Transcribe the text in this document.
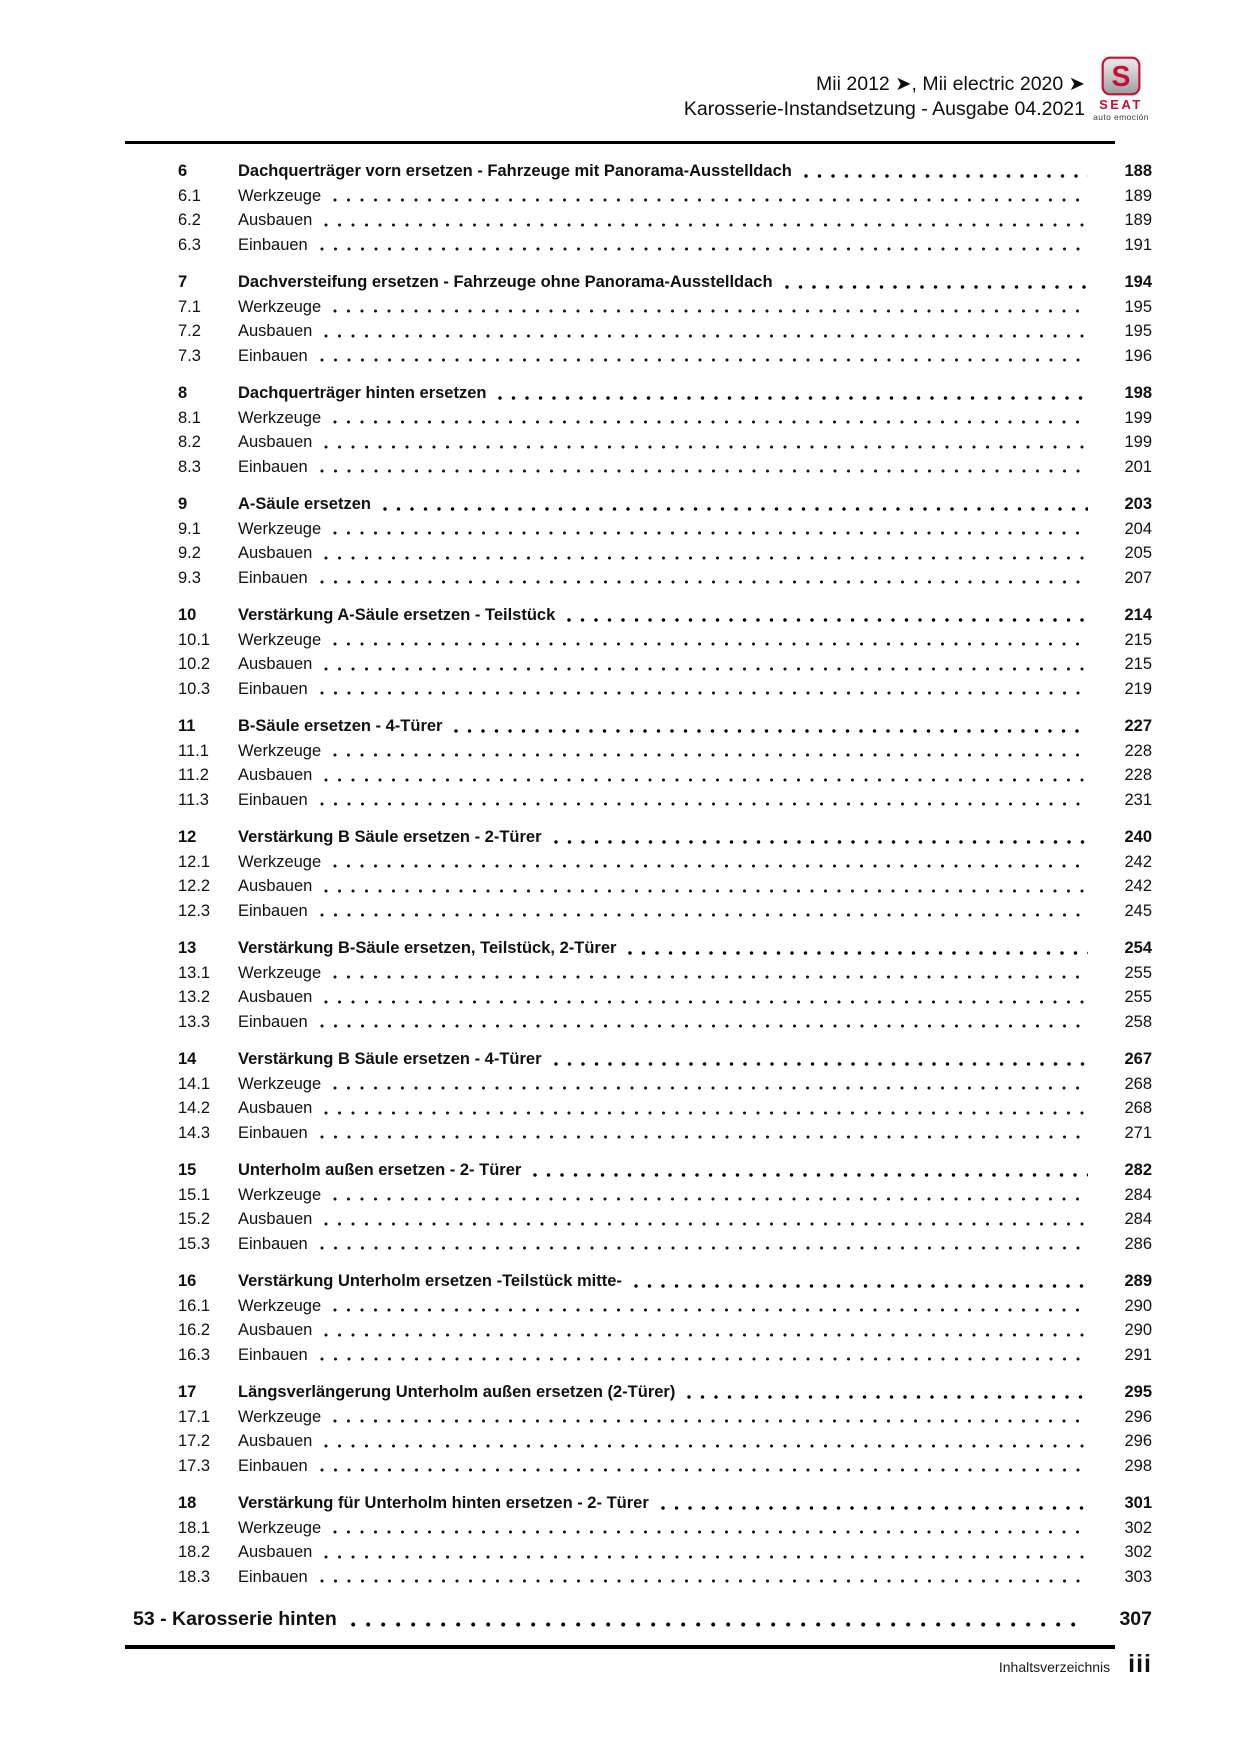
Mii 2012 ➤, Mii electric 2020 ➤
Karosserie-Instandsetzung - Ausgabe 04.2021
S
SEAT
auto emoción
6	Dachquerträger vorn ersetzen - Fahrzeuge mit Panorama-Ausstelldach	188
6.1	Werkzeuge	189
6.2	Ausbauen	189
6.3	Einbauen	191
7	Dachversteifung ersetzen - Fahrzeuge ohne Panorama-Ausstelldach	194
7.1	Werkzeuge	195
7.2	Ausbauen	195
7.3	Einbauen	196
8	Dachquerträger hinten ersetzen	198
8.1	Werkzeuge	199
8.2	Ausbauen	199
8.3	Einbauen	201
9	A-Säule ersetzen	203
9.1	Werkzeuge	204
9.2	Ausbauen	205
9.3	Einbauen	207
10	Verstärkung A-Säule ersetzen - Teilstück	214
10.1	Werkzeuge	215
10.2	Ausbauen	215
10.3	Einbauen	219
11	B-Säule ersetzen - 4-Türer	227
11.1	Werkzeuge	228
11.2	Ausbauen	228
11.3	Einbauen	231
12	Verstärkung B Säule ersetzen - 2-Türer	240
12.1	Werkzeuge	242
12.2	Ausbauen	242
12.3	Einbauen	245
13	Verstärkung B-Säule ersetzen, Teilstück, 2-Türer	254
13.1	Werkzeuge	255
13.2	Ausbauen	255
13.3	Einbauen	258
14	Verstärkung B Säule ersetzen - 4-Türer	267
14.1	Werkzeuge	268
14.2	Ausbauen	268
14.3	Einbauen	271
15	Unterholm außen ersetzen - 2- Türer	282
15.1	Werkzeuge	284
15.2	Ausbauen	284
15.3	Einbauen	286
16	Verstärkung Unterholm ersetzen -Teilstück mitte-	289
16.1	Werkzeuge	290
16.2	Ausbauen	290
16.3	Einbauen	291
17	Längsverlängerung Unterholm außen ersetzen (2-Türer)	295
17.1	Werkzeuge	296
17.2	Ausbauen	296
17.3	Einbauen	298
18	Verstärkung für Unterholm hinten ersetzen - 2- Türer	301
18.1	Werkzeuge	302
18.2	Ausbauen	302
18.3	Einbauen	303
53 - Karosserie hinten	307
Inhaltsverzeichnis iii
